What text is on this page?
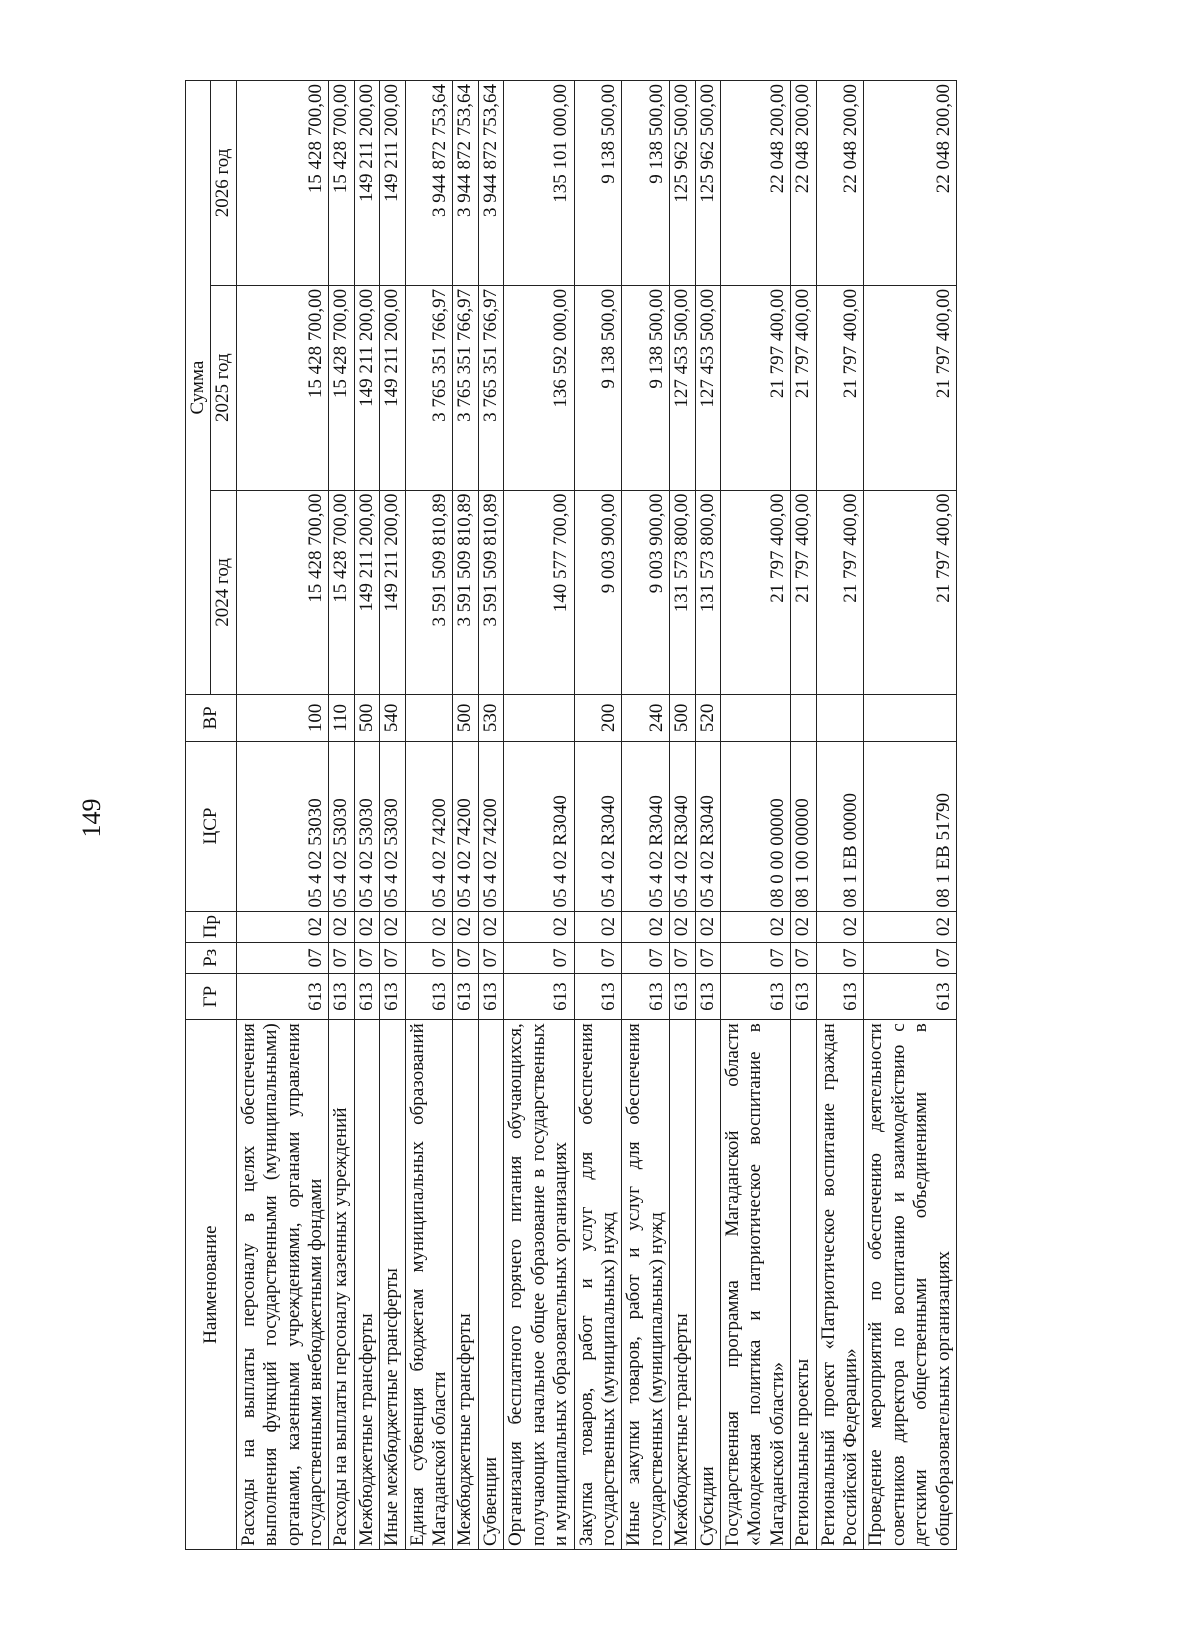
149
Наименование	ГР	Рз	Пр	ЦСР	ВР	Сумма		
						2024 год	2025 год	2026 год
Расходы на выплаты персоналу в целях обеспечения выполнения функций государственными (муниципальными) органами, казенными учреждениями, органами управления государственными внебюджетными фондами	613	07	02	05 4 02 53030	100	15 428 700,00	15 428 700,00	15 428 700,00
Расходы на выплаты персоналу казенных учреждений	613	07	02	05 4 02 53030	110	15 428 700,00	15 428 700,00	15 428 700,00
Межбюджетные трансферты	613	07	02	05 4 02 53030	500	149 211 200,00	149 211 200,00	149 211 200,00
Иные межбюджетные трансферты	613	07	02	05 4 02 53030	540	149 211 200,00	149 211 200,00	149 211 200,00
Единая субвенция бюджетам муниципальных образований Магаданской области	613	07	02	05 4 02 74200		3 591 509 810,89	3 765 351 766,97	3 944 872 753,64
Межбюджетные трансферты	613	07	02	05 4 02 74200	500	3 591 509 810,89	3 765 351 766,97	3 944 872 753,64
Субвенции	613	07	02	05 4 02 74200	530	3 591 509 810,89	3 765 351 766,97	3 944 872 753,64
Организация бесплатного горячего питания обучающихся, получающих начальное общее образование в государственных и муниципальных образовательных организациях	613	07	02	05 4 02 R3040		140 577 700,00	136 592 000,00	135 101 000,00
Закупка товаров, работ и услуг для обеспечения государственных (муниципальных) нужд	613	07	02	05 4 02 R3040	200	9 003 900,00	9 138 500,00	9 138 500,00
Иные закупки товаров, работ и услуг для обеспечения государственных (муниципальных) нужд	613	07	02	05 4 02 R3040	240	9 003 900,00	9 138 500,00	9 138 500,00
Межбюджетные трансферты	613	07	02	05 4 02 R3040	500	131 573 800,00	127 453 500,00	125 962 500,00
Субсидии	613	07	02	05 4 02 R3040	520	131 573 800,00	127 453 500,00	125 962 500,00
Государственная программа Магаданской области «Молодежная политика и патриотическое воспитание в Магаданской области»	613	07	02	08 0 00 00000		21 797 400,00	21 797 400,00	22 048 200,00
Региональные проекты	613	07	02	08 1 00 00000		21 797 400,00	21 797 400,00	22 048 200,00
Региональный проект «Патриотическое воспитание граждан Российской Федерации»	613	07	02	08 1 ЕВ 00000		21 797 400,00	21 797 400,00	22 048 200,00
Проведение мероприятий по обеспечению деятельности советников директора по воспитанию и взаимодействию с детскими общественными объединениями в общеобразовательных организациях	613	07	02	08 1 ЕВ 51790		21 797 400,00	21 797 400,00	22 048 200,00
